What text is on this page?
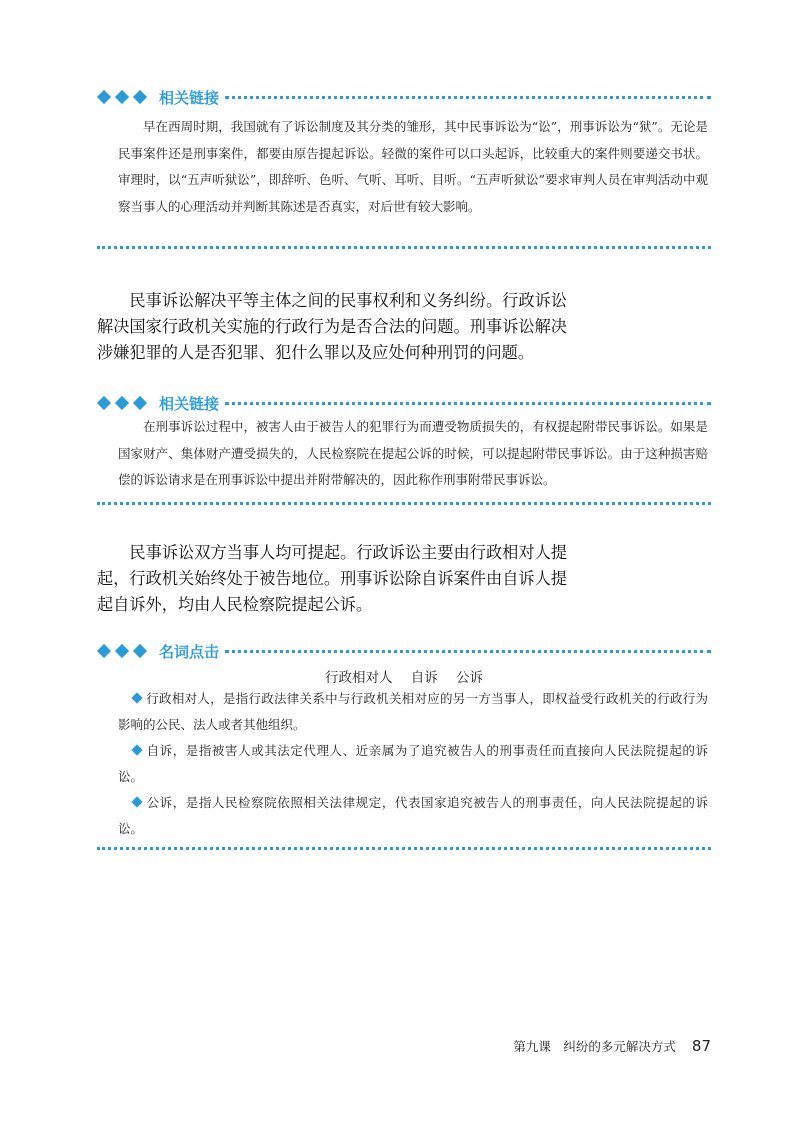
相关链接

早在西周时期，我国就有了诉讼制度及其分类的雏形，其中民事诉讼为“讼”，刑事诉讼为“狱”。无论是民事案件还是刑事案件，都要由原告提起诉讼。轻微的案件可以口头起诉，比较重大的案件则要递交书状。审理时，以“五声听狱讼”，即辞听、色听、气听、耳听、目听。“五声听狱讼”要求审判人员在审判活动中观察当事人的心理活动并判断其陈述是否真实，对后世有较大影响。

民事诉讼解决平等主体之间的民事权利和义务纠纷。行政诉讼解决国家行政机关实施的行政行为是否合法的问题。刑事诉讼解决涉嫌犯罪的人是否犯罪、犯什么罪以及应处何种刑罚的问题。

相关链接

在刑事诉讼过程中，被害人由于被告人的犯罪行为而遭受物质损失的，有权提起附带民事诉讼。如果是国家财产、集体财产遭受损失的，人民检察院在提起公诉的时候，可以提起附带民事诉讼。由于这种损害赔偿的诉讼请求是在刑事诉讼中提出并附带解决的，因此称作刑事附带民事诉讼。

民事诉讼双方当事人均可提起。行政诉讼主要由行政相对人提起，行政机关始终处于被告地位。刑事诉讼除自诉案件由自诉人提起自诉外，均由人民检察院提起公诉。

名词点击
行政相对人 自诉 公诉

行政相对人，是指行政法律关系中与行政机关相对应的另一方当事人，即权益受行政机关的行政行为影响的公民、法人或者其他组织。

自诉，是指被害人或其法定代理人、近亲属为了追究被告人的刑事责任而直接向人民法院提起的诉讼。

公诉，是指人民检察院依照相关法律规定，代表国家追究被告人的刑事责任，向人民法院提起的诉讼。

第九课　纠纷的多元解决方式 87
